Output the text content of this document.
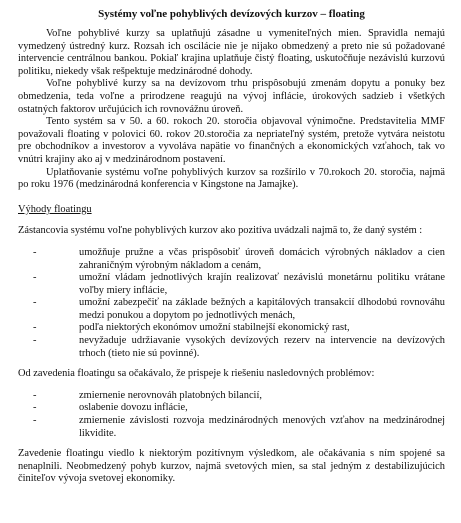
Systémy voľne pohyblivých devízových kurzov – floating

Voľne pohyblivé kurzy sa uplatňujú zásadne u vymeniteľných mien. Spravidla nemajú vymedzený ústredný kurz. Rozsah ich oscilácie nie je nijako obmedzený a preto nie sú požadované intervencie centrálnou bankou. Pokiaľ krajina uplatňuje čistý floating, uskutočňuje nezávislú kurzovú politiku, niekedy však rešpektuje medzinárodné dohody.

Voľne pohyblivé kurzy sa na devízovom trhu prispôsobujú zmenám dopytu a ponuky bez obmedzenia, teda voľne a prirodzene reagujú na vývoj inflácie, úrokových sadzieb i všetkých ostatných faktorov určujúcich ich rovnovážnu úroveň.

Tento systém sa v 50. a 60. rokoch 20. storočia objavoval výnimočne. Predstavitelia MMF považovali floating v polovici 60. rokov 20.storočia za nepriateľný systém, pretože vytvára neistotu pre obchodníkov a investorov a vyvoláva napätie vo finančných a ekonomických vzťahoch, tak vo vnútri krajiny ako aj v medzinárodnom postavení.

Uplatňovanie systému voľne pohyblivých kurzov sa rozšírilo v 70.rokoch 20. storočia, najmä po roku 1976 (medzinárodná konferencia v Kingstone na Jamajke).

Výhody floatingu

Zástancovia systému voľne pohyblivých kurzov ako pozitíva uvádzali najmä to, že daný systém :

-	umožňuje pružne a včas prispôsobiť úroveň domácich výrobných nákladov a cien zahraničným výrobným nákladom a cenám,
-	umožní vládam jednotlivých krajín realizovať nezávislú monetárnu politiku vrátane voľby miery inflácie,
-	umožní zabezpečiť na základe bežných a kapitálových transakcií dlhodobú rovnováhu medzi ponukou a dopytom po jednotlivých menách,
-	podľa niektorých ekonómov umožní stabilnejší ekonomický rast,
-	nevyžaduje udržiavanie vysokých devízových rezerv na intervencie na devízových trhoch (tieto nie sú povinné).

Od zavedenia floatingu sa očakávalo, že prispeje k riešeniu nasledovných problémov:

-	zmiernenie nerovnováh platobných bilancií,
-	oslabenie dovozu inflácie,
-	zmiernenie závislosti rozvoja medzinárodných menových vzťahov na medzinárodnej likvidite.

Zavedenie floatingu viedlo k niektorým pozitívnym výsledkom, ale očakávania s ním spojené sa nenaplnili. Neobmedzený pohyb kurzov, najmä svetových mien, sa stal jedným z destabilizujúcich činiteľov vývoja svetovej ekonomiky.
